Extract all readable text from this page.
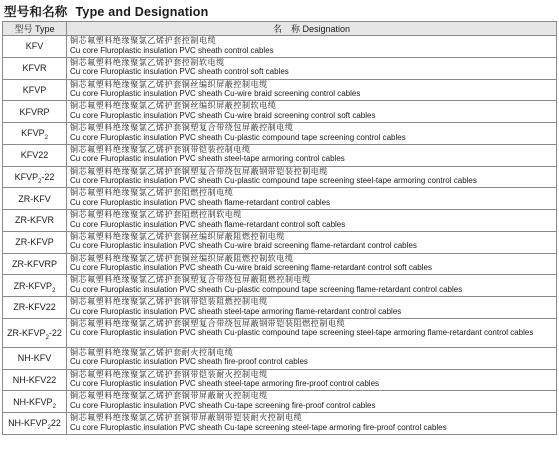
型号和名称 Type and Designation
型号 Type	名　称 Designation
KFV	铜芯氟塑料绝缘聚氯乙烯护套控制电缆
Cu core Fluroplastic insulation PVC sheath control cables

KFVR	铜芯氟塑料绝缘聚氯乙烯护套控制软电缆
Cu core Fluroplastic insulation PVC sheath control soft cables

KFVP	铜芯氟塑料绝缘聚氯乙烯护套铜丝编织屏蔽控制电缆
Cu core Fluroplastic insulation PVC sheath Cu-wire braid screening control cables

KFVRP	铜芯氟塑料绝缘聚氯乙烯护套铜丝编织屏蔽控制软电缆
Cu core Fluroplastic insulation PVC sheath Cu-wire braid screening control soft cables

$KFVP_2$	铜芯氟塑料绝缘聚氯乙烯护套铜塑复合带绕包屏蔽控制电缆
Cu core Fluroplastic insulation PVC sheath Cu-plastic compound tape screening control cables

KFV22	铜芯氟塑料绝缘聚氯乙烯护套钢带铠装控制电缆
Cu core Fluroplastic insulation PVC sheath steel-tape armoring control cables

$KFVP_2-22$	铜芯氟塑料绝缘聚氯乙烯护套铜塑复合带绕包屏蔽钢带铠装控制电缆
Cu core Fluroplastic insulation PVC sheath Cu-plastic compound tape screening steel-tape armoring control cables

ZR-KFV	铜芯氟塑料绝缘聚氯乙烯护套阻燃控制电缆
Cu core Fluroplastic insulation PVC sheath flame-retardant control cables

ZR-KFVR	铜芯氟塑料绝缘聚氯乙烯护套阻燃控制软电缆
Cu core Fluroplastic insulation PVC sheath flame-retardant control soft cables

ZR-KFVP	铜芯氟塑料绝缘聚氯乙烯护套铜丝编织屏蔽阻燃控制电缆
Cu core Fluroplastic insulation PVC sheath Cu-wire braid screening flame-retardant control cables

ZR-KFVRP	铜芯氟塑料绝缘聚氯乙烯护套铜丝编织屏蔽阻燃控制软电缆
Cu core Fluroplastic insulation PVC sheath Cu-wire braid screening flame-retardant control soft cables

$ZR-KFVP_2$	铜芯氟塑料绝缘聚氯乙烯护套铜塑复合带绕包屏蔽阻燃控制电缆
Cu core Fluroplastic insulation PVC sheath Cu-plastic compound tape screening flame-retardant control cables

ZR-KFV22	铜芯氟塑料绝缘聚氯乙烯护套钢带铠装阻燃控制电缆
Cu core Fluroplastic insulation PVC sheath steel-tape armoring flame-retardant control cables

$ZR-KFVP_2-22$	铜芯氟塑料绝缘聚氯乙烯护套铜塑复合带绕包屏蔽钢带铠装阻燃控制电缆
Cu core Fluroplastic insulation PVC sheath Cu-plastic compound tape screening steel-tape armoring flame-retardant control cables

NH-KFV	铜芯氟塑料绝缘聚氯乙烯护套耐火控制电缆
Cu core Fluroplastic insulation PVC sheath fire-proof control cables

NH-KFV22	铜芯氟塑料绝缘聚氯乙烯护套钢带铠装耐火控制电缆
Cu core Fluroplastic insulation PVC sheath steel-tape armoring fire-proof control cables

$NH-KFVP_2$	铜芯氟塑料绝缘聚氯乙烯护套铜带屏蔽耐火控制电缆
Cu core Fluroplastic insulation PVC sheath Cu-tape screening fire-proof control cables

$NH-KFVP_222$	铜芯氟塑料绝缘聚氯乙烯护套铜带屏蔽钢带铠装耐火控制电缆
Cu core Fluroplastic insulation PVC sheath Cu-tape screening steel-tape armoring fire-proof control cables
